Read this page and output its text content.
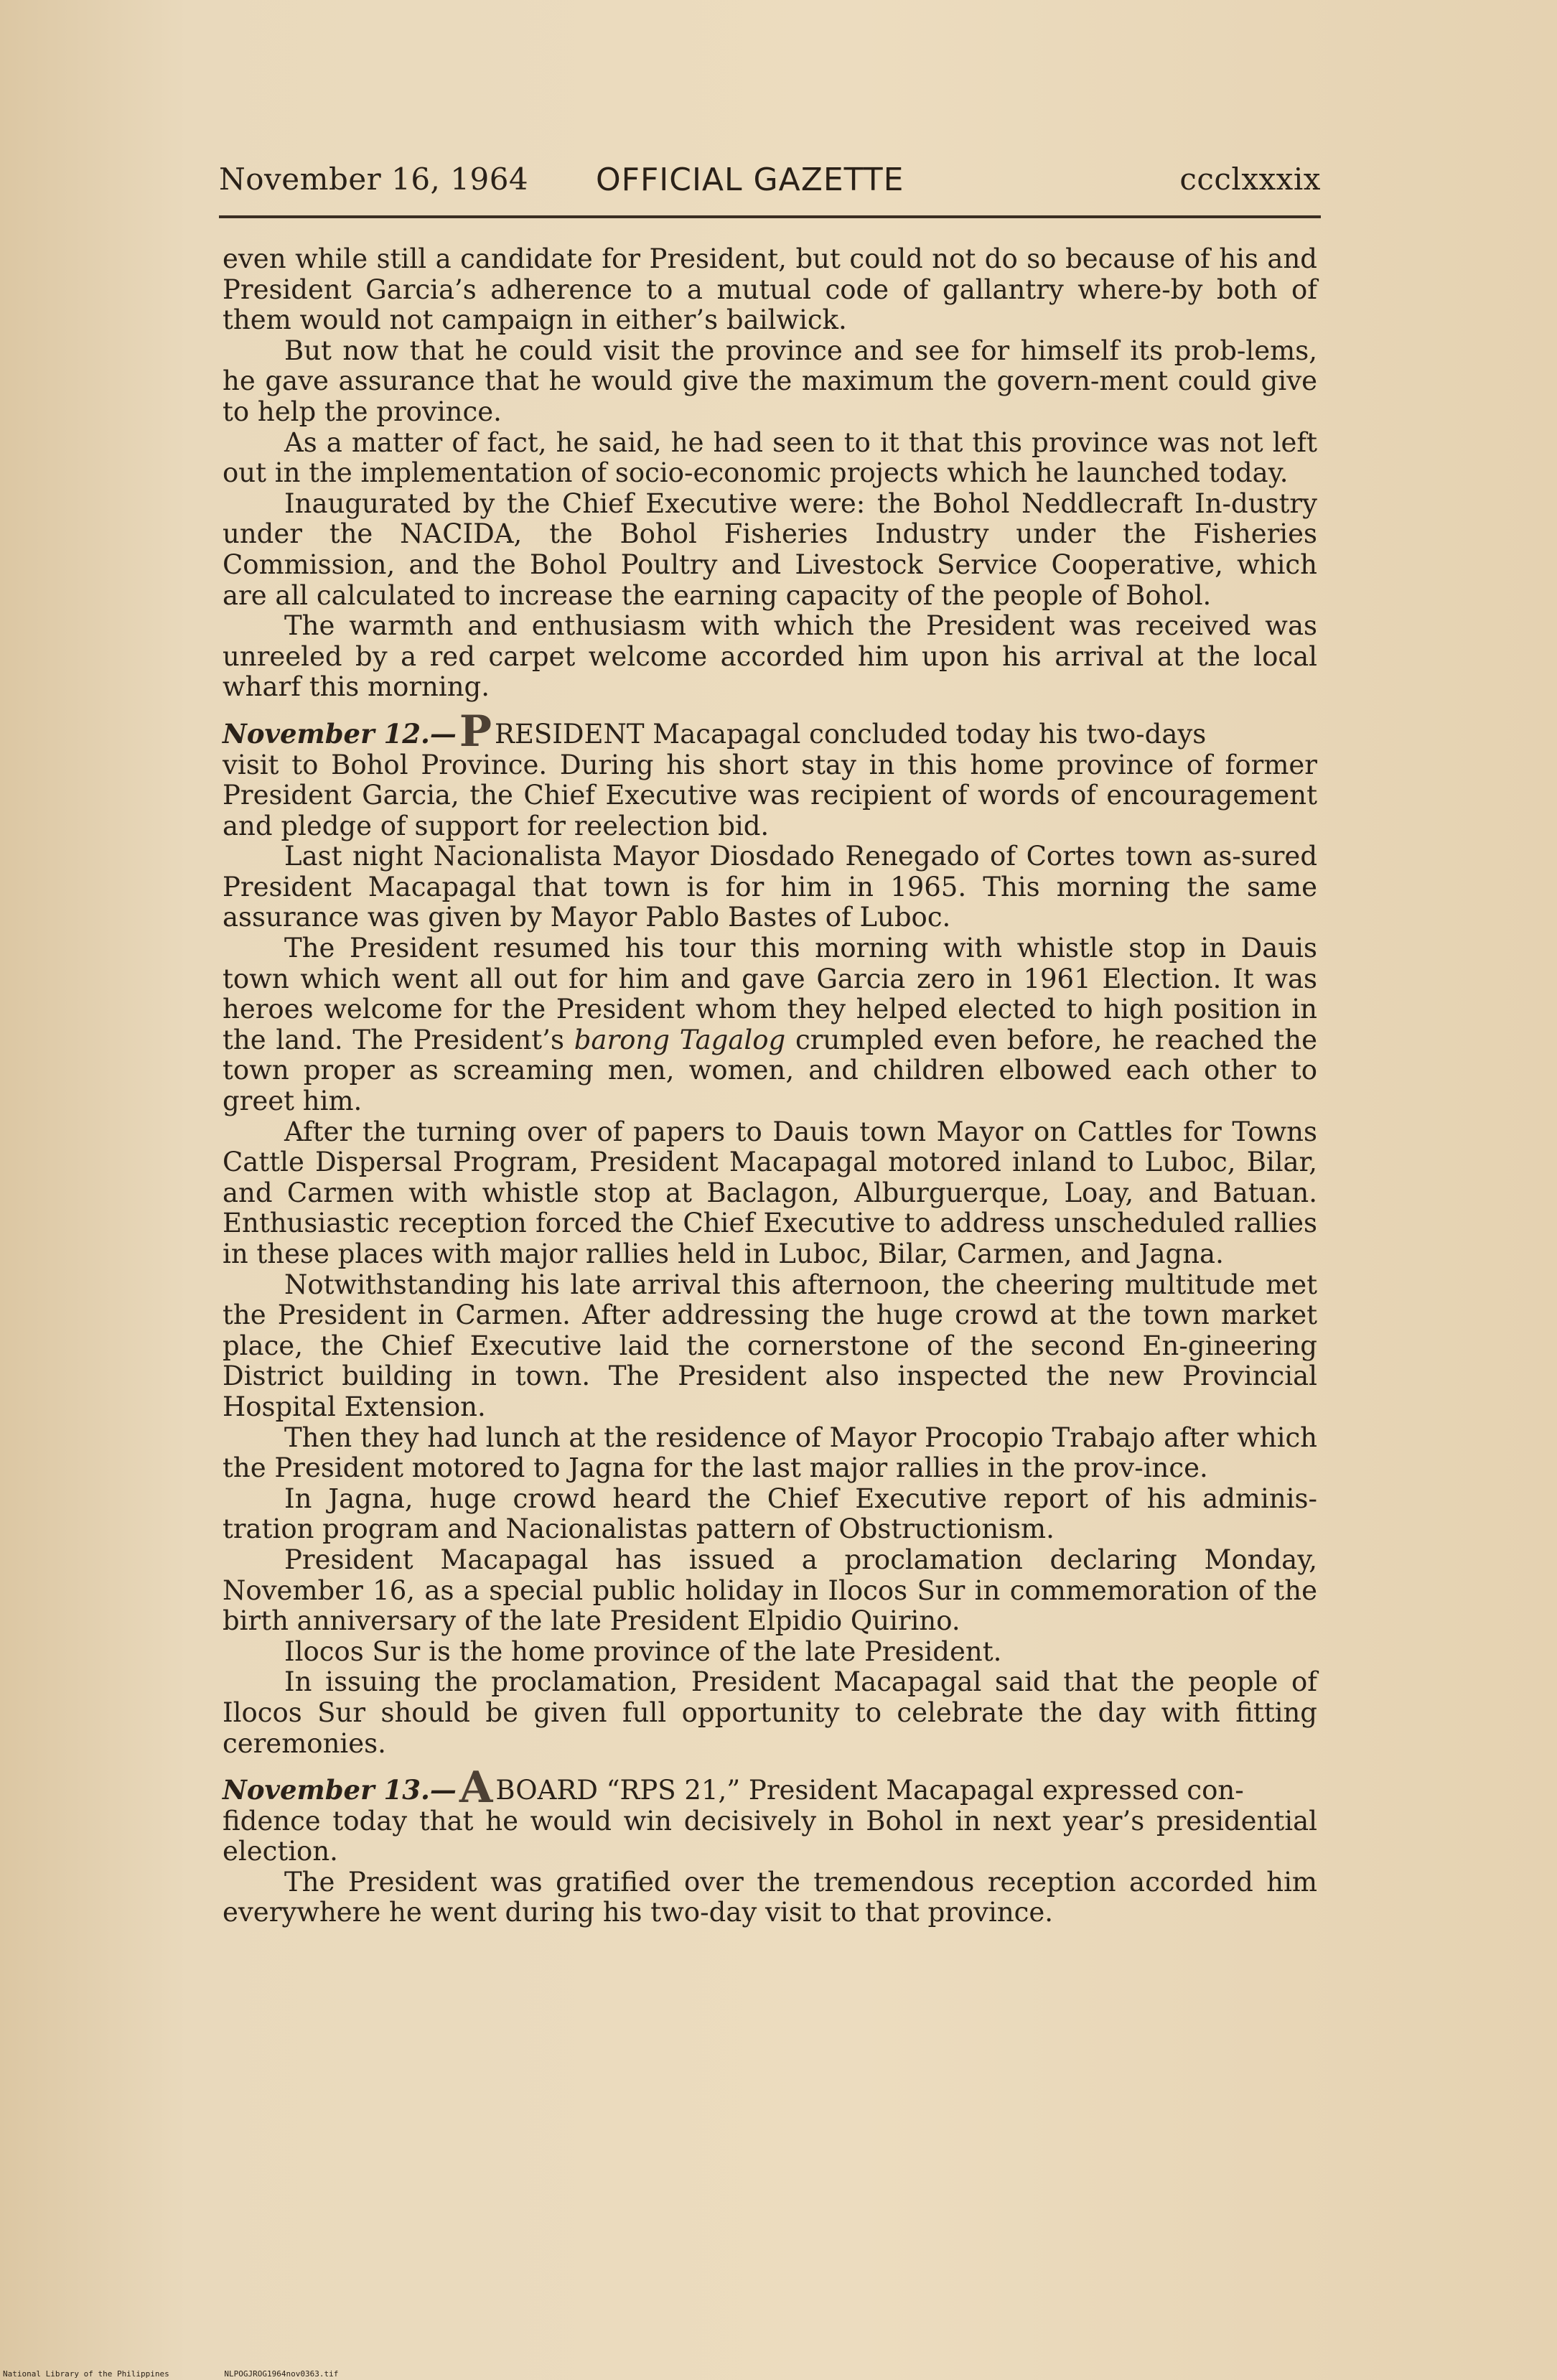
November 16, 1964 OFFICIAL GAZETTE	ccclxxxix

even while still a candidate for President, but could not do so because of his and President Garcia’s adherence to a mutual code of gallantry where-by both of them would not campaign in either’s bailwick.

But now that he could visit the province and see for himself its prob-lems, he gave assurance that he would give the maximum the govern-ment could give to help the province.

As a matter of fact, he said, he had seen to it that this province was not left out in the implementation of socio-economic projects which he launched today.

Inaugurated by the Chief Executive were: the Bohol Neddlecraft In-dustry under the NACIDA, the Bohol Fisheries Industry under the Fisheries Commission, and the Bohol Poultry and Livestock Service Cooperative, which are all calculated to increase the earning capacity of the people of Bohol.

The warmth and enthusiasm with which the President was received was unreeled by a red carpet welcome accorded him upon his arrival at the local wharf this morning.

November 12.—P RESIDENT Macapagal concluded today his two-days

visit to Bohol Province. During his short stay in this home province of former President Garcia, the Chief Executive was recipient of words of encouragement and pledge of support for reelection bid.

Last night Nacionalista Mayor Diosdado Renegado of Cortes town as-sured President Macapagal that town is for him in 1965. This morning the same assurance was given by Mayor Pablo Bastes of Luboc.

The President resumed his tour this morning with whistle stop in Dauis town which went all out for him and gave Garcia zero in 1961 Election. It was heroes welcome for the President whom they helped elected to high position in the land. The President’s barong Tagalog crumpled even before, he reached the town proper as screaming men, women, and children elbowed each other to greet him.

After the turning over of papers to Dauis town Mayor on Cattles for Towns Cattle Dispersal Program, President Macapagal motored inland to Luboc, Bilar, and Carmen with whistle stop at Baclagon, Alburguerque, Loay, and Batuan. Enthusiastic reception forced the Chief Executive to address unscheduled rallies in these places with major rallies held in Luboc, Bilar, Carmen, and Jagna.

Notwithstanding his late arrival this afternoon, the cheering multitude met the President in Carmen. After addressing the huge crowd at the town market place, the Chief Executive laid the cornerstone of the second En-gineering District building in town. The President also inspected the new Provincial Hospital Extension.

Then they had lunch at the residence of Mayor Procopio Trabajo after which the President motored to Jagna for the last major rallies in the prov-ince.

In Jagna, huge crowd heard the Chief Executive report of his adminis-tration program and Nacionalistas pattern of Obstructionism.

President Macapagal has issued a proclamation declaring Monday, November 16, as a special public holiday in Ilocos Sur in commemoration of the birth anniversary of the late President Elpidio Quirino.

Ilocos Sur is the home province of the late President.

In issuing the proclamation, President Macapagal said that the people of Ilocos Sur should be given full opportunity to celebrate the day with fitting ceremonies.

November 13.—A BOARD “RPS 21,” President Macapagal expressed con-

fidence today that he would win decisively in Bohol in next year’s presidential election.

The President was gratified over the tremendous reception accorded him everywhere he went during his two-day visit to that province.

National Library of the Philippines	NLPOGJROG1964nov0363.tif
